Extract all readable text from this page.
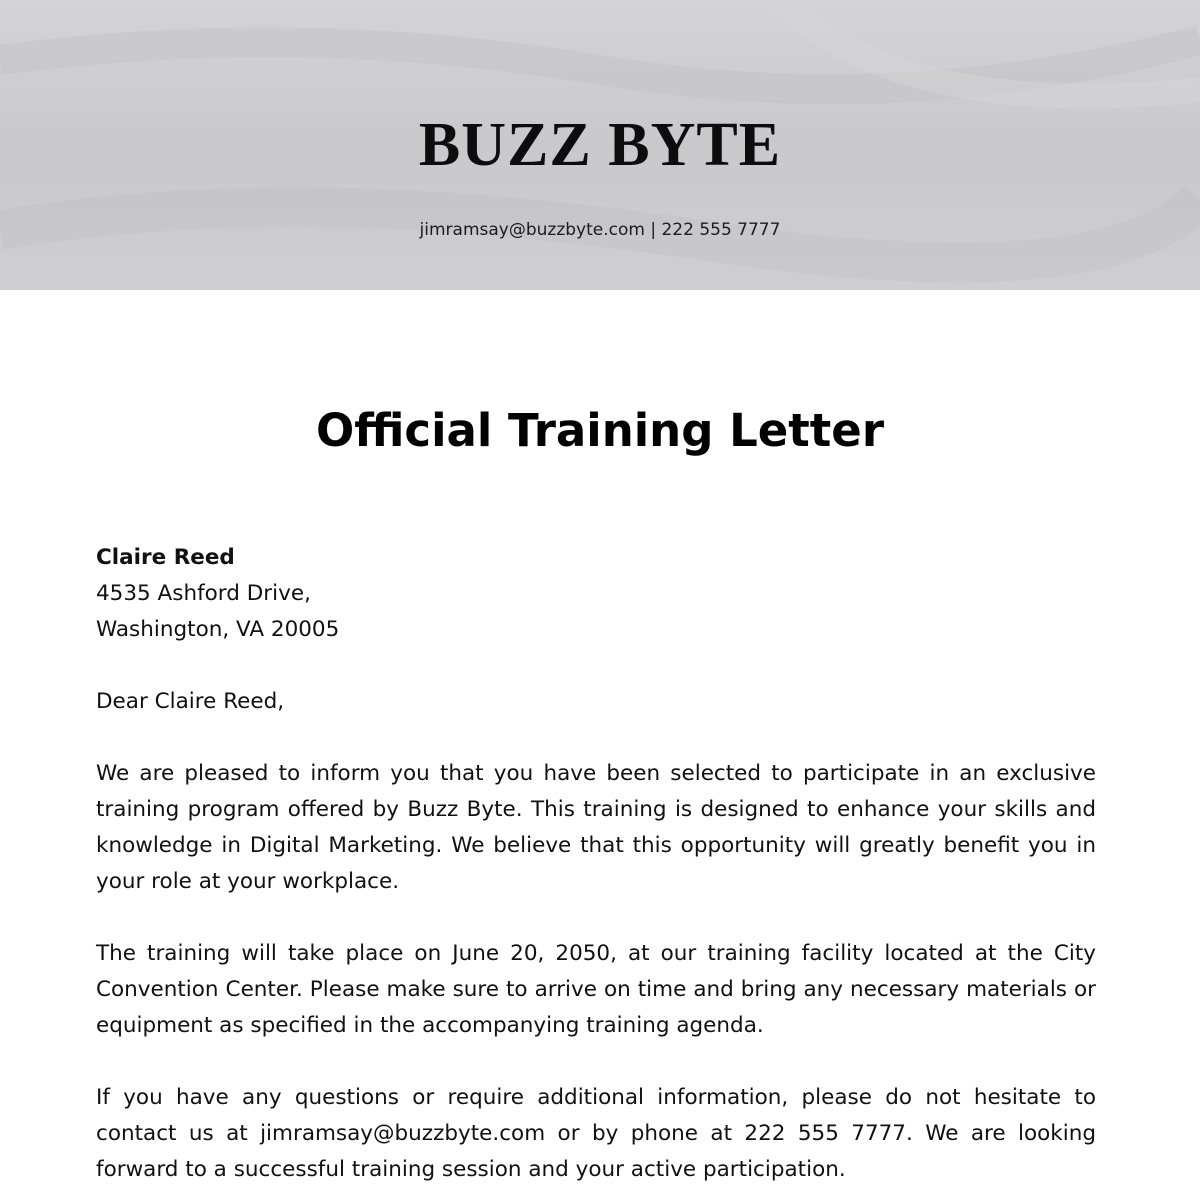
BUZZ BYTE
jimramsay@buzzbyte.com | 222 555 7777
Official Training Letter
Claire Reed
4535 Ashford Drive,
Washington, VA 20005

Dear Claire Reed,

We are pleased to inform you that you have been selected to participate in an exclusive training program offered by Buzz Byte. This training is designed to enhance your skills and knowledge in Digital Marketing. We believe that this opportunity will greatly benefit you in your role at your workplace.

The training will take place on June 20, 2050, at our training facility located at the City Convention Center. Please make sure to arrive on time and bring any necessary materials or equipment as specified in the accompanying training agenda.

If you have any questions or require additional information, please do not hesitate to contact us at jimramsay@buzzbyte.com or by phone at 222 555 7777. We are looking forward to a successful training session and your active participation.
